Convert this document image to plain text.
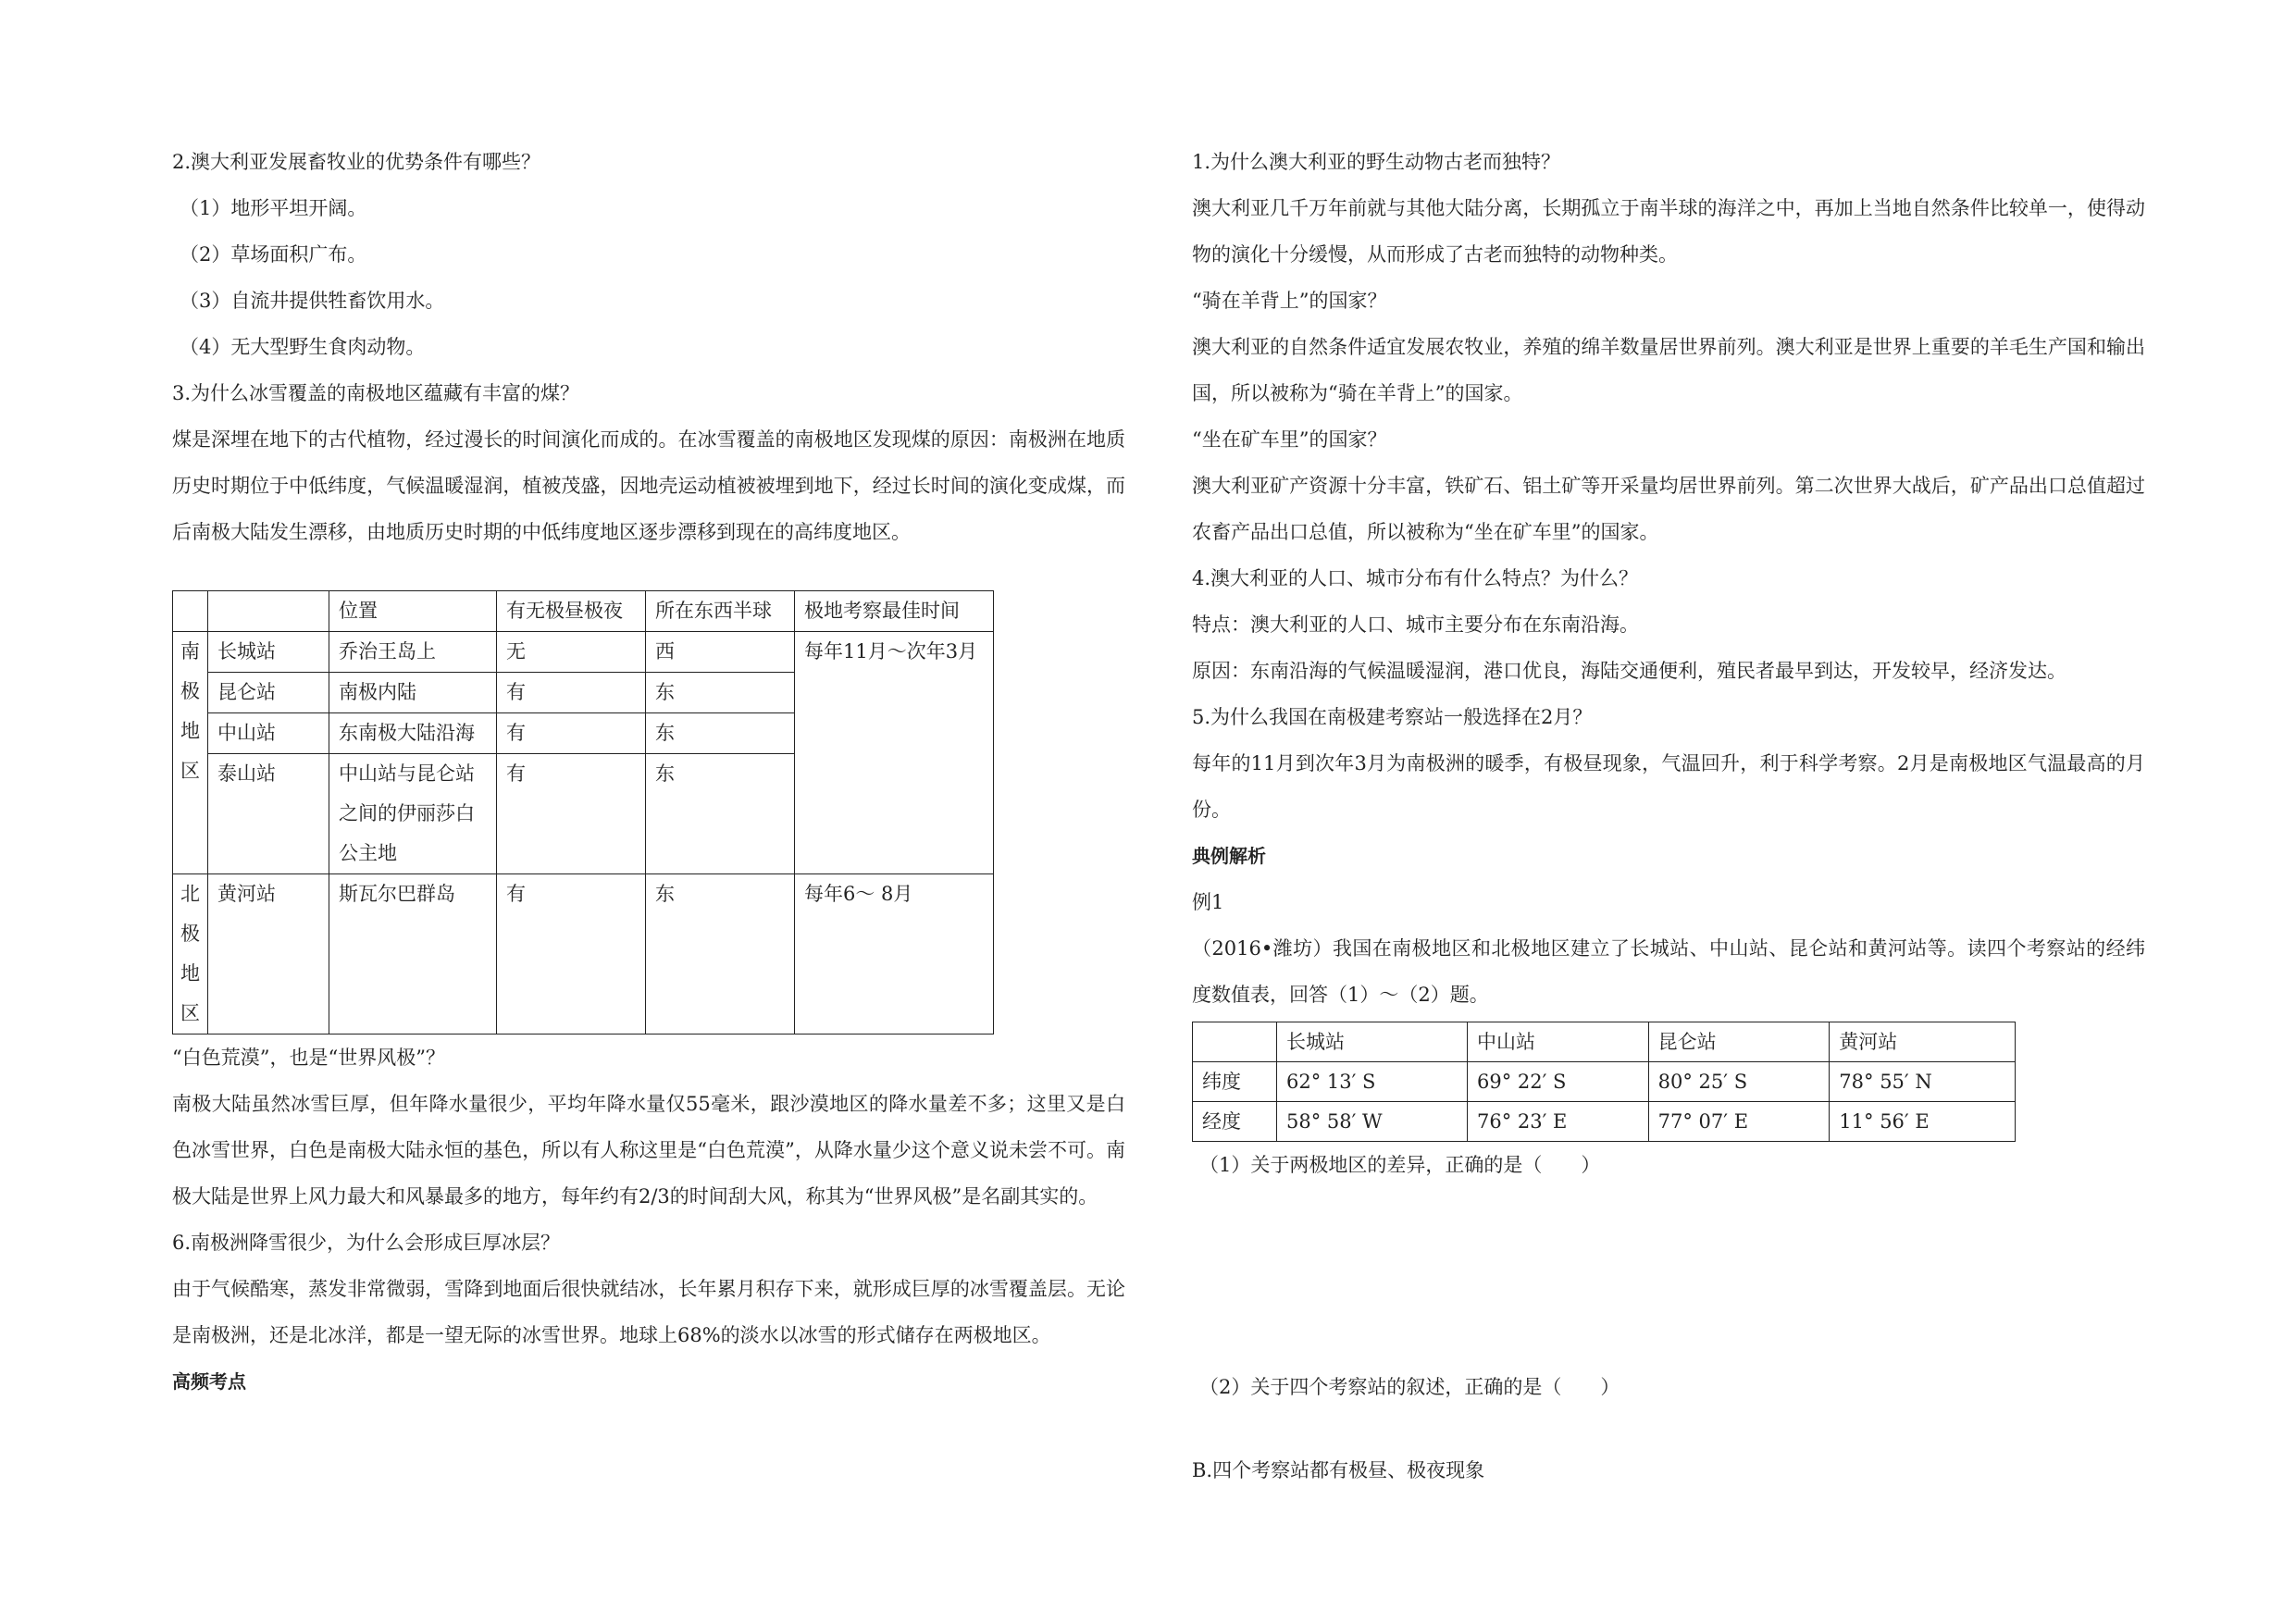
2.澳大利亚发展畜牧业的优势条件有哪些？

（1）地形平坦开阔。

（2）草场面积广布。

（3）自流井提供牲畜饮用水。

（4）无大型野生食肉动物。

3.为什么冰雪覆盖的南极地区蕴藏有丰富的煤？

煤是深埋在地下的古代植物，经过漫长的时间演化而成的。在冰雪覆盖的南极地区发现煤的原因：南极洲在地质历史时期位于中低纬度，气候温暖湿润，植被茂盛，因地壳运动植被被埋到地下，经过长时间的演化变成煤，而后南极大陆发生漂移，由地质历史时期的中低纬度地区逐步漂移到现在的高纬度地区。

		位置	有无极昼极夜	所在东西半球	极地考察最佳时间
南极地区	长城站	乔治王岛上	无	西	每年11月～次年3月
	昆仑站	南极内陆	有	东	
	中山站	东南极大陆沿海	有	东	
	泰山站	中山站与昆仑站之间的伊丽莎白公主地	有	东	
北极地区	黄河站	斯瓦尔巴群岛	有	东	每年6～ 8月

“白色荒漠”，也是“世界风极”？

南极大陆虽然冰雪巨厚，但年降水量很少，平均年降水量仅55毫米，跟沙漠地区的降水量差不多；这里又是白色冰雪世界，白色是南极大陆永恒的基色，所以有人称这里是“白色荒漠”，从降水量少这个意义说未尝不可。南极大陆是世界上风力最大和风暴最多的地方，每年约有2/3的时间刮大风，称其为“世界风极”是名副其实的。

6.南极洲降雪很少，为什么会形成巨厚冰层？

由于气候酷寒，蒸发非常微弱，雪降到地面后很快就结冰，长年累月积存下来，就形成巨厚的冰雪覆盖层。无论是南极洲，还是北冰洋，都是一望无际的冰雪世界。地球上68%的淡水以冰雪的形式储存在两极地区。

高频考点

1.为什么澳大利亚的野生动物古老而独特？

澳大利亚几千万年前就与其他大陆分离，长期孤立于南半球的海洋之中，再加上当地自然条件比较单一，使得动物的演化十分缓慢，从而形成了古老而独特的动物种类。

“骑在羊背上”的国家？

澳大利亚的自然条件适宜发展农牧业，养殖的绵羊数量居世界前列。澳大利亚是世界上重要的羊毛生产国和输出国，所以被称为“骑在羊背上”的国家。

“坐在矿车里”的国家？

澳大利亚矿产资源十分丰富，铁矿石、铝土矿等开采量均居世界前列。第二次世界大战后，矿产品出口总值超过农畜产品出口总值，所以被称为“坐在矿车里”的国家。

4.澳大利亚的人口、城市分布有什么特点？为什么？

特点：澳大利亚的人口、城市主要分布在东南沿海。

原因：东南沿海的气候温暖湿润，港口优良，海陆交通便利，殖民者最早到达，开发较早，经济发达。

5.为什么我国在南极建考察站一般选择在2月？

每年的11月到次年3月为南极洲的暖季，有极昼现象，气温回升，利于科学考察。2月是南极地区气温最高的月份。

典例解析

例1

（2016•潍坊）我国在南极地区和北极地区建立了长城站、中山站、昆仑站和黄河站等。读四个考察站的经纬度数值表，回答（1）～（2）题。

	长城站	中山站	昆仑站	黄河站
纬度	62° 13′ S	69° 22′ S	80° 25′ S	78° 55′ N
经度	58° 58′ W	76° 23′ E	77° 07′ E	11° 56′ E

（1）关于两极地区的差异，正确的是（　　）

（2）关于四个考察站的叙述，正确的是（　　）

B.四个考察站都有极昼、极夜现象
